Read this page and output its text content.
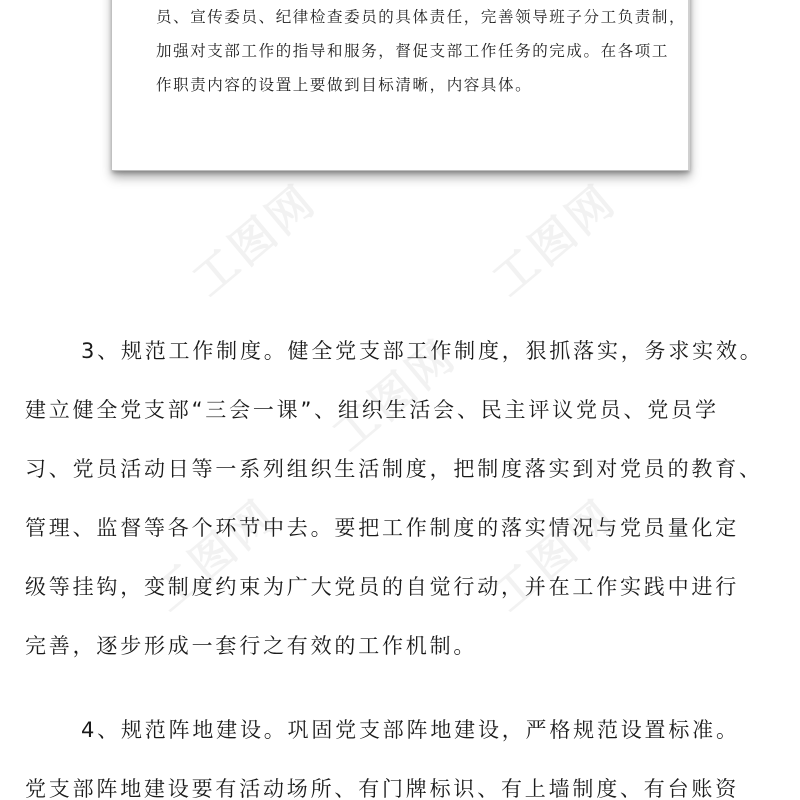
工图网	工图网
工图网
工图网	工图网
员、宣传委员、纪律检查委员的具体责任，完善领导班子分工负责制，
加强对支部工作的指导和服务，督促支部工作任务的完成。在各项工
作职责内容的设置上要做到目标清晰，内容具体。
3、规范工作制度。健全党支部工作制度，狠抓落实，务求实效。
建立健全党支部“三会一课”、组织生活会、民主评议党员、党员学
习、党员活动日等一系列组织生活制度，把制度落实到对党员的教育、
管理、监督等各个环节中去。要把工作制度的落实情况与党员量化定
级等挂钩，变制度约束为广大党员的自觉行动，并在工作实践中进行
完善，逐步形成一套行之有效的工作机制。
4、规范阵地建设。巩固党支部阵地建设，严格规范设置标准。
党支部阵地建设要有活动场所、有门牌标识、有上墙制度、有台账资
